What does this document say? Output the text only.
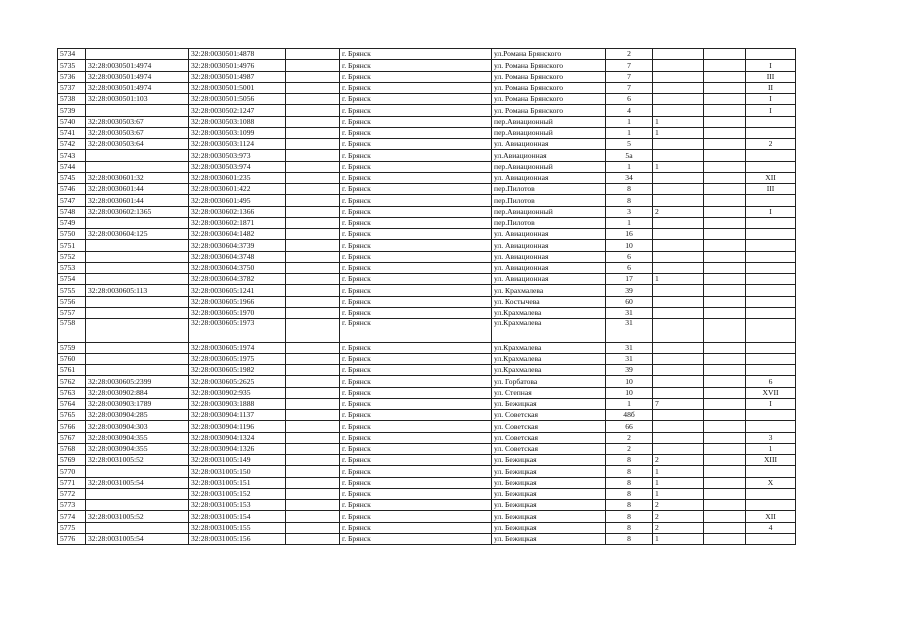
5734		32:28:0030501:4878		г. Брянск	ул.Романа Брянского	2			
5735	32:28:0030501:4974	32:28:0030501:4976		г. Брянск	ул. Романа Брянского	7			I
5736	32:28:0030501:4974	32:28:0030501:4987		г. Брянск	ул. Романа Брянского	7			III
5737	32:28:0030501:4974	32:28:0030501:5001		г. Брянск	ул. Романа Брянского	7			II
5738	32:28:0030501:103	32:28:0030501:5056		г. Брянск	ул. Романа Брянского	6			I
5739		32:28:0030502:1247		г. Брянск	ул. Романа Брянского	4			I
5740	32:28:0030503:67	32:28:0030503:1088		г. Брянск	пер.Авиационный	1	1		
5741	32:28:0030503:67	32:28:0030503:1099		г. Брянск	пер.Авиационный	1	1		
5742	32:28:0030503:64	32:28:0030503:1124		г. Брянск	ул. Авиационная	5			2
5743		32:28:0030503:973		г. Брянск	ул.Авиационная	5а			
5744		32:28:0030503:974		г. Брянск	пер.Авиационный	1	1		
5745	32:28:0030601:32	32:28:0030601:235		г. Брянск	ул. Авиационная	34			XII
5746	32:28:0030601:44	32:28:0030601:422		г. Брянск	пер.Пилотов	8			III
5747	32:28:0030601:44	32:28:0030601:495		г. Брянск	пер.Пилотов	8			
5748	32:28:0030602:1365	32:28:0030602:1366		г. Брянск	пер.Авиационный	3	2		I
5749		32:28:0030602:1871		г. Брянск	пер.Пилотов	1			
5750	32:28:0030604:125	32:28:0030604:1482		г. Брянск	ул. Авиационная	16			
5751		32:28:0030604:3739		г. Брянск	ул. Авиационная	10			
5752		32:28:0030604:3748		г. Брянск	ул. Авиационная	6			
5753		32:28:0030604:3750		г. Брянск	ул. Авиационная	6			
5754		32:28:0030604:3782		г. Брянск	ул. Авиационная	17	1		
5755	32:28:0030605:113	32:28:0030605:1241		г. Брянск	ул. Крахмалева	39			
5756		32:28:0030605:1966		г. Брянск	ул. Костычева	60			
5757		32:28:0030605:1970		г. Брянск	ул.Крахмалева	31			
5758		32:28:0030605:1973		г. Брянск	ул.Крахмалева	31			
5759		32:28:0030605:1974		г. Брянск	ул.Крахмалева	31			
5760		32:28:0030605:1975		г. Брянск	ул.Крахмалева	31			
5761		32:28:0030605:1982		г. Брянск	ул.Крахмалева	39			
5762	32:28:0030605:2399	32:28:0030605:2625		г. Брянск	ул. Горбатова	10			6
5763	32:28:0030902:884	32:28:0030902:935		г. Брянск	ул. Степная	10			XVII
5764	32:28:0030903:1789	32:28:0030903:1888		г. Брянск	ул. Бежицкая	1	7		I
5765	32:28:0030904:285	32:28:0030904:1137		г. Брянск	ул. Советская	48б			
5766	32:28:0030904:303	32:28:0030904:1196		г. Брянск	ул. Советская	66			
5767	32:28:0030904:355	32:28:0030904:1324		г. Брянск	ул. Советская	2			3
5768	32:28:0030904:355	32:28:0030904:1326		г. Брянск	ул. Советская	2			1
5769	32:28:0031005:52	32:28:0031005:149		г. Брянск	ул. Бежицкая	8	2		XIII
5770		32:28:0031005:150		г. Брянск	ул. Бежицкая	8	1		
5771	32:28:0031005:54	32:28:0031005:151		г. Брянск	ул. Бежицкая	8	1		X
5772		32:28:0031005:152		г. Брянск	ул. Бежицкая	8	1		
5773		32:28:0031005:153		г. Брянск	ул. Бежицкая	8	2		
5774	32:28:0031005:52	32:28:0031005:154		г. Брянск	ул. Бежицкая	8	2		XII
5775		32:28:0031005:155		г. Брянск	ул. Бежицкая	8	2		4
5776	32:28:0031005:54	32:28:0031005:156		г. Брянск	ул. Бежицкая	8	1		
